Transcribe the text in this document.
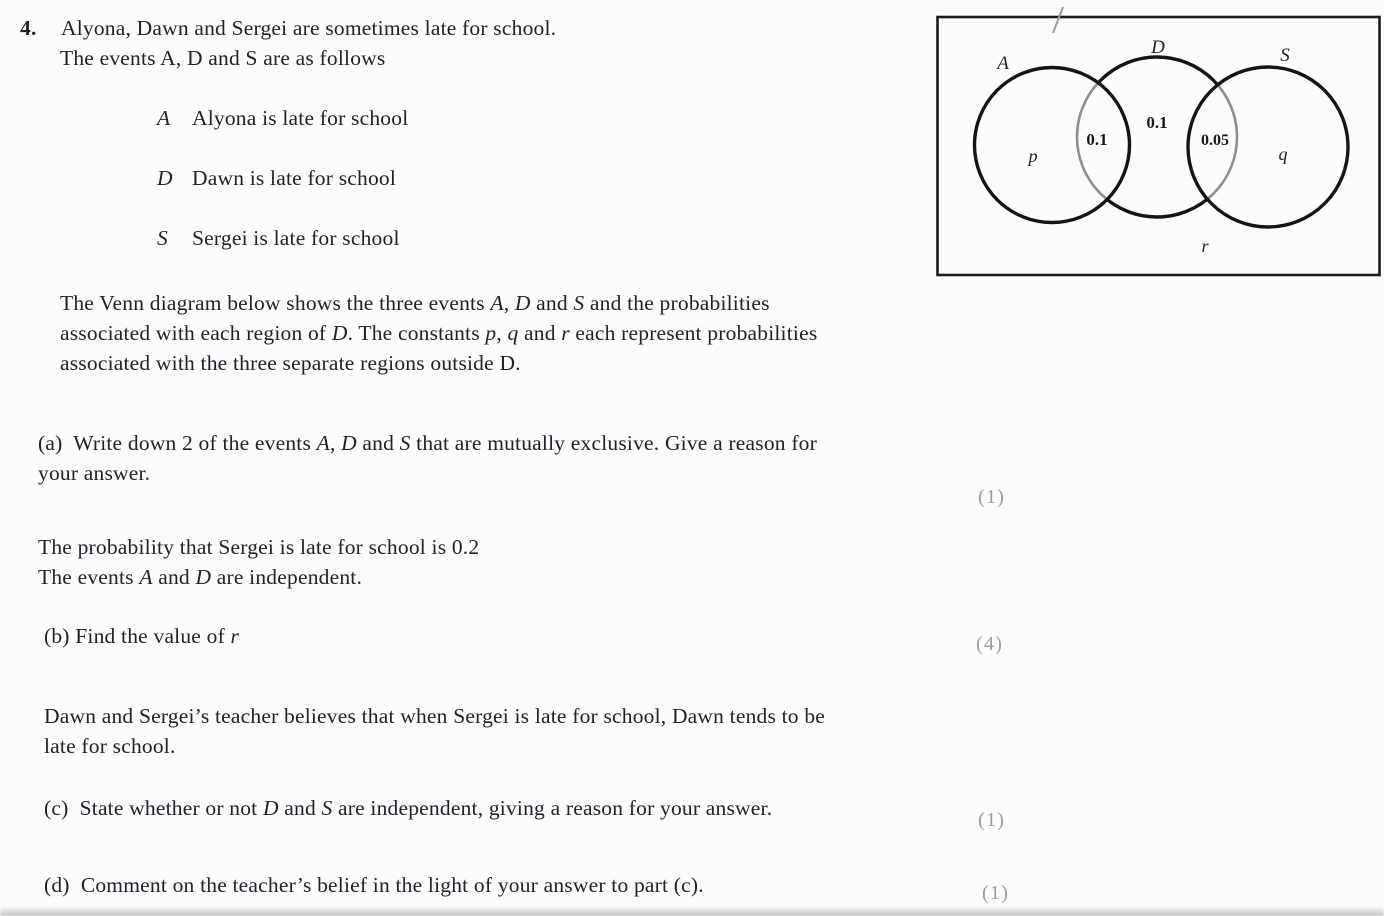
4. Alyona, Dawn and Sergei are sometimes late for school.
The events A, D and S are as follows
A Alyona is late for school
D Dawn is late for school
S Sergei is late for school
The Venn diagram below shows the three events A, D and S and the probabilities
associated with each region of D. The constants p, q and r each represent probabilities
associated with the three separate regions outside D.
(a)  Write down 2 of the events A, D and S that are mutually exclusive. Give a reason for
your answer.
(1)
The probability that Sergei is late for school is 0.2
The events A and D are independent.
(b) Find the value of r	(4)
Dawn and Sergei’s teacher believes that when Sergei is late for school, Dawn tends to be
late for school.
(c)  State whether or not D and S are independent, giving a reason for your answer.	(1)
(d)  Comment on the teacher’s belief in the light of your answer to part (c).	(1)
A
D	S
0.1
0.1
0.05
p	q
r
